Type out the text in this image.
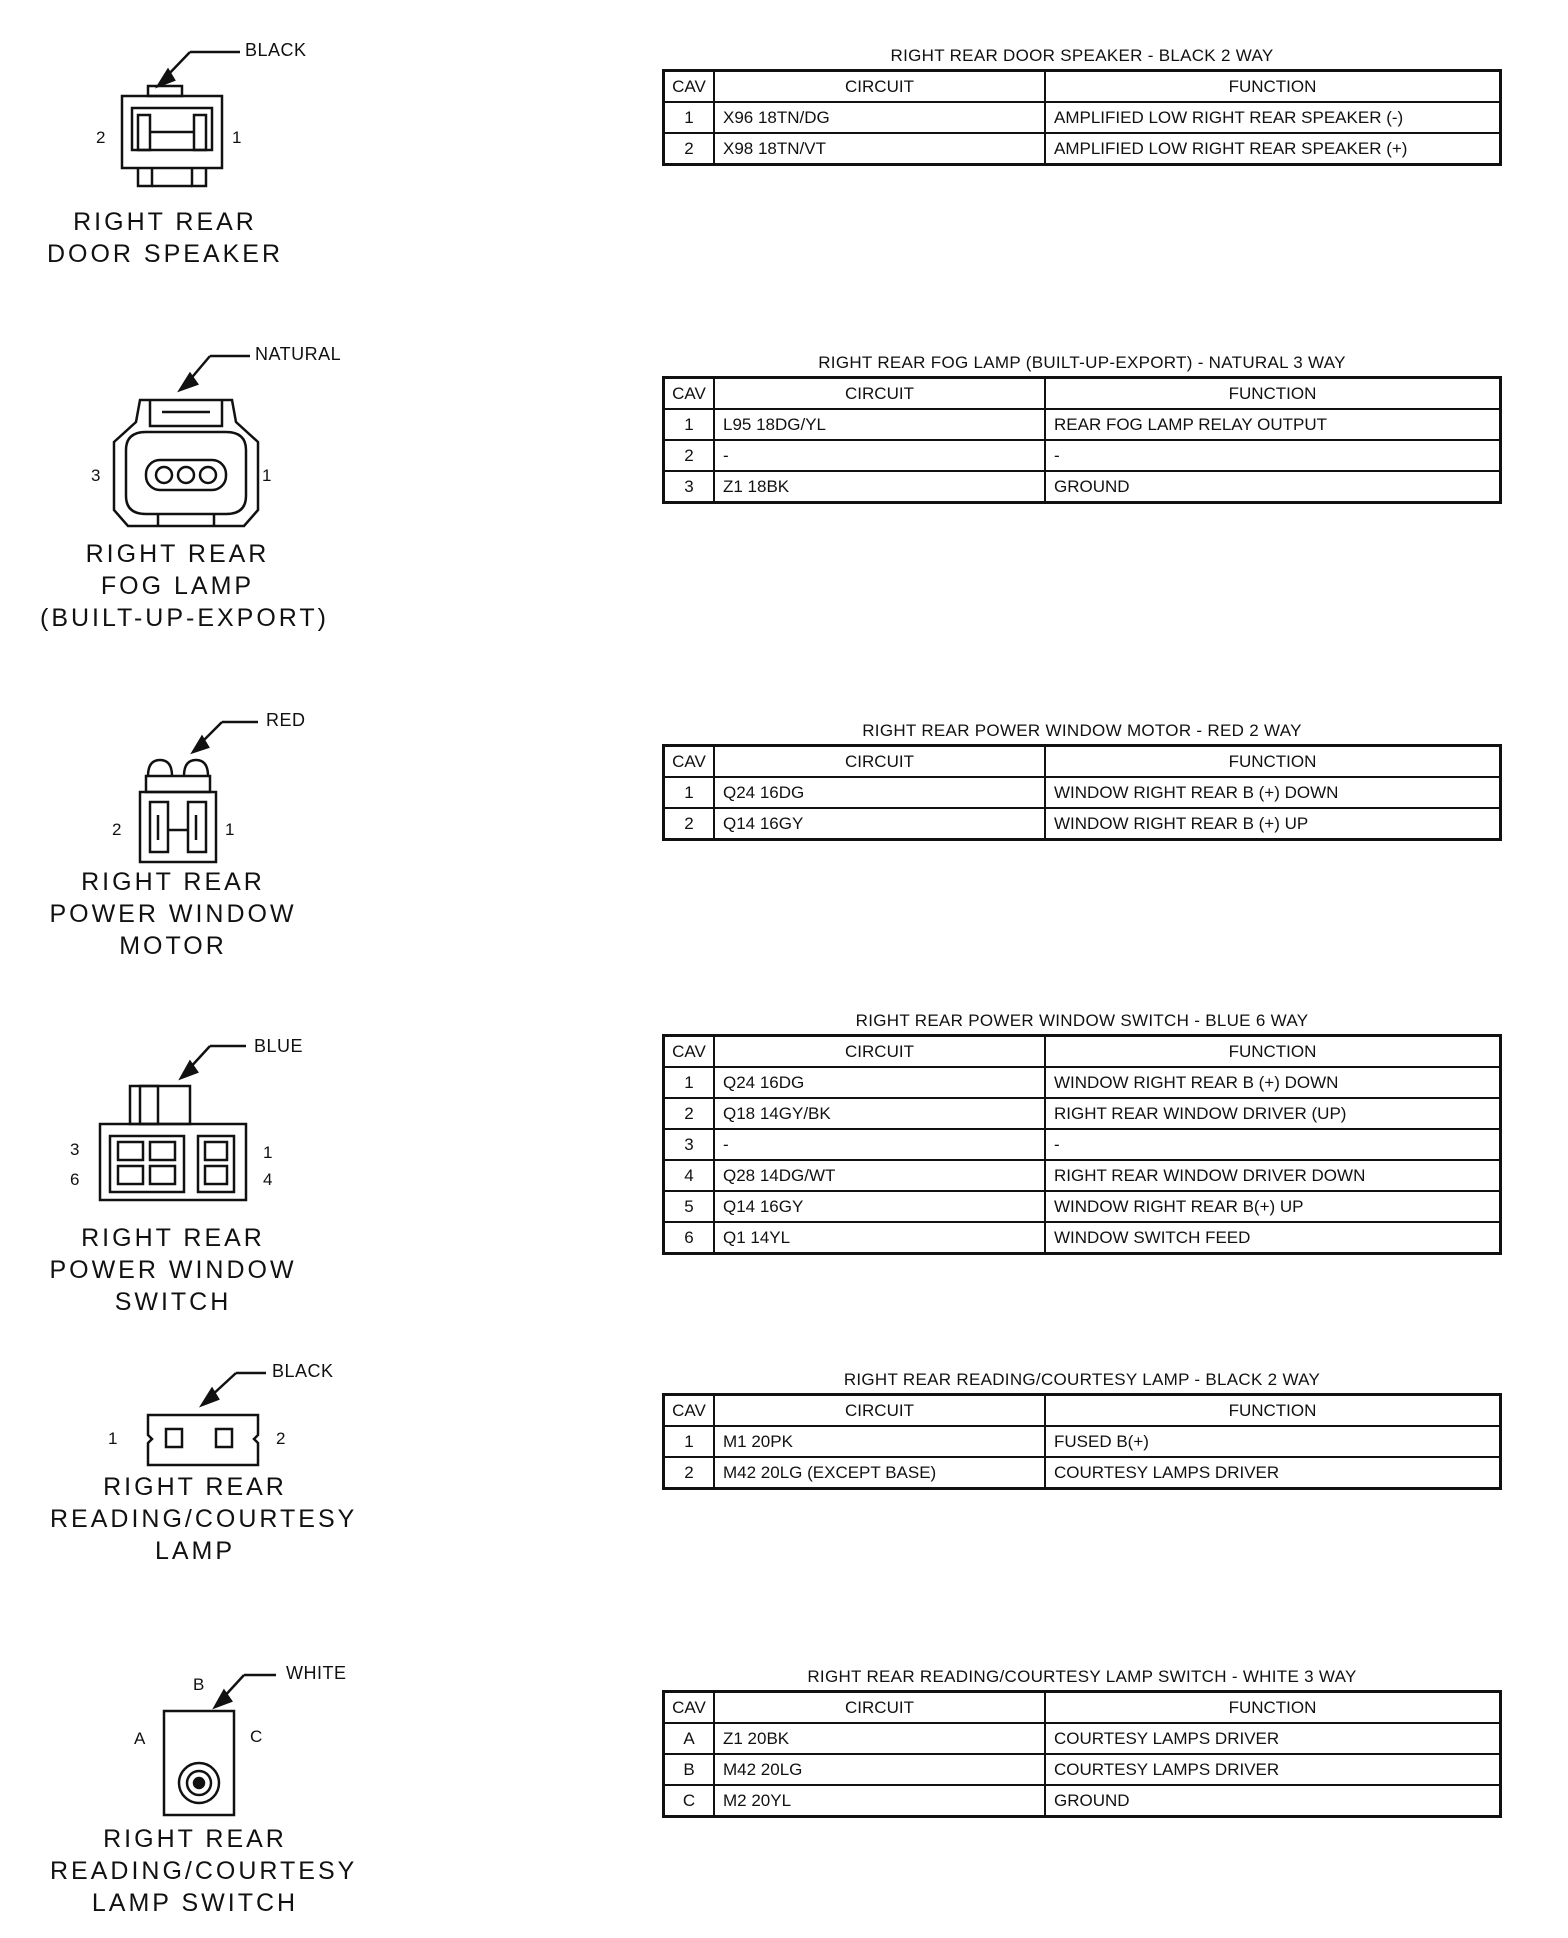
BLACK
2	1
RIGHT REAR
DOOR SPEAKER
RIGHT REAR DOOR SPEAKER - BLACK 2 WAY
CAV	CIRCUIT	FUNCTION
1	X96 18TN/DG	AMPLIFIED LOW RIGHT REAR SPEAKER (-)
2	X98 18TN/VT	AMPLIFIED LOW RIGHT REAR SPEAKER (+)
NATURAL
3	1
RIGHT REAR
FOG LAMP
(BUILT-UP-EXPORT)
RIGHT REAR FOG LAMP (BUILT-UP-EXPORT) - NATURAL 3 WAY
CAV	CIRCUIT	FUNCTION
1	L95 18DG/YL	REAR FOG LAMP RELAY OUTPUT
2	-	-
3	Z1 18BK	GROUND
RED
2	1
RIGHT REAR
POWER WINDOW
MOTOR
RIGHT REAR POWER WINDOW MOTOR - RED 2 WAY
CAV	CIRCUIT	FUNCTION
1	Q24 16DG	WINDOW RIGHT REAR B (+) DOWN
2	Q14 16GY	WINDOW RIGHT REAR B (+) UP
BLUE
3
6
1
4
RIGHT REAR
POWER WINDOW
SWITCH
RIGHT REAR POWER WINDOW SWITCH - BLUE 6 WAY
CAV	CIRCUIT	FUNCTION
1	Q24 16DG	WINDOW RIGHT REAR B (+) DOWN
2	Q18 14GY/BK	RIGHT REAR WINDOW DRIVER (UP)
3	-	-
4	Q28 14DG/WT	RIGHT REAR WINDOW DRIVER DOWN
5	Q14 16GY	WINDOW RIGHT REAR B(+) UP
6	Q1 14YL	WINDOW SWITCH FEED
BLACK
1	2
RIGHT REAR
READING/COURTESY
LAMP
RIGHT REAR READING/COURTESY LAMP - BLACK 2 WAY
CAV	CIRCUIT	FUNCTION
1	M1 20PK	FUSED B(+)
2	M42 20LG (EXCEPT BASE)	COURTESY LAMPS DRIVER
WHITE
B
A	C
RIGHT REAR
READING/COURTESY
LAMP SWITCH
RIGHT REAR READING/COURTESY LAMP SWITCH - WHITE 3 WAY
CAV	CIRCUIT	FUNCTION
A	Z1 20BK	COURTESY LAMPS DRIVER
B	M42 20LG	COURTESY LAMPS DRIVER
C	M2 20YL	GROUND
